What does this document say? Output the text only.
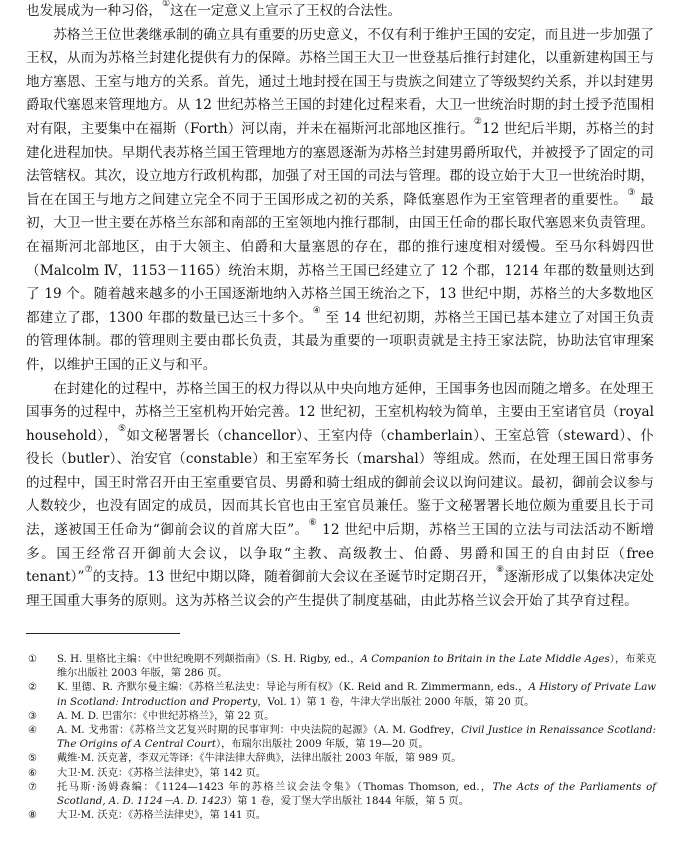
也发展成为一种习俗，①这在一定意义上宣示了王权的合法性。

苏格兰王位世袭继承制的确立具有重要的历史意义，不仅有利于维护王国的安定，而且进一步加强了王权，从而为苏格兰封建化提供有力的保障。苏格兰国王大卫一世登基后推行封建化，以重新建构国王与地方塞恩、王室与地方的关系。首先，通过土地封授在国王与贵族之间建立了等级契约关系，并以封建男爵取代塞恩来管理地方。从 12 世纪苏格兰王国的封建化过程来看，大卫一世统治时期的封土授予范围相对有限，主要集中在福斯（Forth）河以南，并未在福斯河北部地区推行。②12 世纪后半期，苏格兰的封建化进程加快。早期代表苏格兰国王管理地方的塞恩逐渐为苏格兰封建男爵所取代，并被授予了固定的司法管辖权。其次，设立地方行政机构郡，加强了对王国的司法与管理。郡的设立始于大卫一世统治时期，旨在在国王与地方之间建立完全不同于王国形成之初的关系，降低塞恩作为王室管理者的重要性。③ 最初，大卫一世主要在苏格兰东部和南部的王室领地内推行郡制，由国王任命的郡长取代塞恩来负责管理。在福斯河北部地区，由于大领主、伯爵和大量塞恩的存在，郡的推行速度相对缓慢。至马尔科姆四世（Malcolm Ⅳ，1153－1165）统治末期，苏格兰王国已经建立了 12 个郡，1214 年郡的数量则达到了 19 个。随着越来越多的小王国逐渐地纳入苏格兰国王统治之下，13 世纪中期，苏格兰的大多数地区都建立了郡，1300 年郡的数量已达三十多个。④ 至 14 世纪初期，苏格兰王国已基本建立了对国王负责的管理体制。郡的管理则主要由郡长负责，其最为重要的一项职责就是主持王家法院，协助法官审理案件，以维护王国的正义与和平。

在封建化的过程中，苏格兰国王的权力得以从中央向地方延伸，王国事务也因而随之增多。在处理王国事务的过程中，苏格兰王室机构开始完善。12 世纪初，王室机构较为简单，主要由王室诸官员（royal household），⑤如文秘署署长（chancellor）、王室内侍（chamberlain）、王室总管（steward）、仆役长（butler）、治安官（constable）和王室军务长（marshal）等组成。然而，在处理王国日常事务的过程中，国王时常召开由王室重要官员、男爵和骑士组成的御前会议以询问建议。最初，御前会议参与人数较少，也没有固定的成员，因而其长官也由王室官员兼任。鉴于文秘署署长地位颇为重要且长于司法，遂被国王任命为“御前会议的首席大臣”。⑥ 12 世纪中后期，苏格兰王国的立法与司法活动不断增多。国王经常召开御前大会议，以争取“主教、高级教士、伯爵、男爵和国王的自由封臣（free tenant）”⑦的支持。13 世纪中期以降，随着御前大会议在圣诞节时定期召开，⑧逐渐形成了以集体决定处理王国重大事务的原则。这为苏格兰议会的产生提供了制度基础，由此苏格兰议会开始了其孕育过程。

①	S. H. 里格比主编：《中世纪晚期不列颠指南》（S. H. Rigby, ed.，A Companion to Britain in the Late Middle Ages），布莱克维尔出版社 2003 年版，第 286 页。
②	K. 里德、R. 齐默尔曼主编：《苏格兰私法史：导论与所有权》（K. Reid and R. Zimmermann, eds.，A History of Private Law in Scotland: Introduction and Property，Vol. 1）第 1 卷，牛津大学出版社 2000 年版，第 20 页。
③	A. M. D. 巴雷尔：《中世纪苏格兰》，第 22 页。
④	A. M. 戈弗雷：《苏格兰文艺复兴时期的民事审判：中央法院的起源》（A. M. Godfrey，Civil Justice in Renaissance Scotland: The Origins of A Central Court），布瑞尔出版社 2009 年版，第 19—20 页。
⑤	戴维·M. 沃克著，李双元等译：《牛津法律大辞典》，法律出版社 2003 年版，第 989 页。
⑥	大卫·M. 沃克：《苏格兰法律史》，第 142 页。
⑦	托马斯·汤姆森编：《1124—1423 年的苏格兰议会法令集》（Thomas Thomson, ed.，The Acts of the Parliaments of Scotland, A. D. 1124－A. D. 1423）第 1 卷，爱丁堡大学出版社 1844 年版，第 5 页。
⑧	大卫·M. 沃克：《苏格兰法律史》，第 141 页。
